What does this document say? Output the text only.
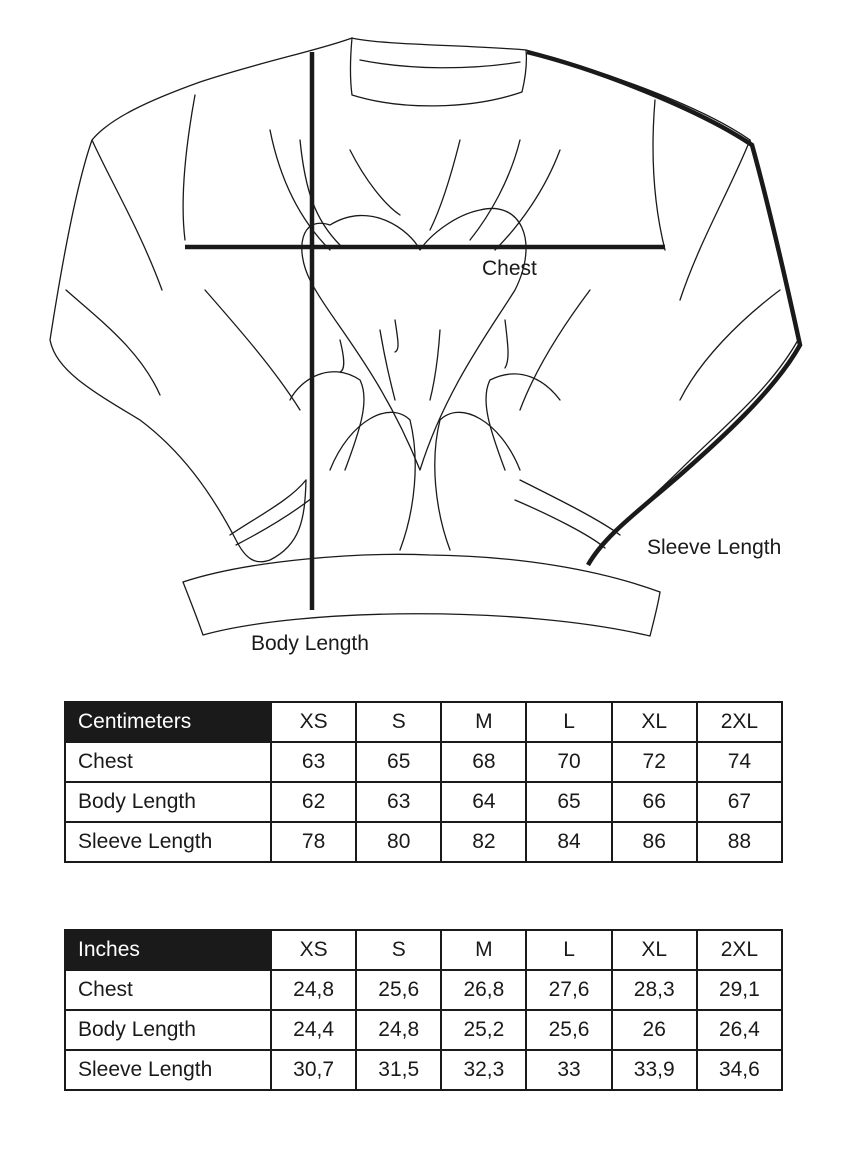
Chest
Sleeve Length
Body Length
Centimeters	XS	S	M	L	XL	2XL
Chest	63	65	68	70	72	74
Body Length	62	63	64	65	66	67
Sleeve Length	78	80	82	84	86	88
Inches	XS	S	M	L	XL	2XL
Chest	24,8	25,6	26,8	27,6	28,3	29,1
Body Length	24,4	24,8	25,2	25,6	26	26,4
Sleeve Length	30,7	31,5	32,3	33	33,9	34,6
